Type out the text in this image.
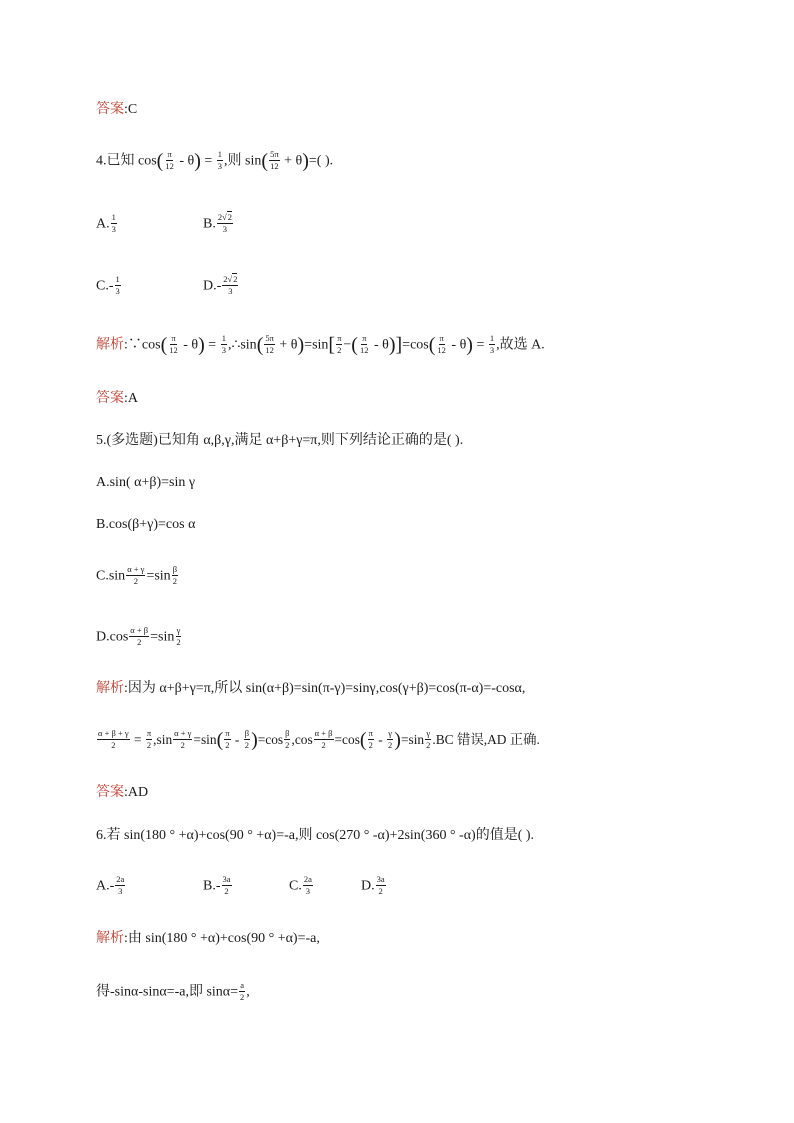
答案:C
4.已知 $\cos( \frac{\pi}{12} - \theta) = \frac{1}{3}$ ,则 $\sin( \frac{5\pi}{12} + \theta)=$( ).
A. $\frac{1}{3}$	B. $\frac{2√2}{3}$
$C.- \frac{1}{3}$	$D.- \frac{2√2}{3}$
解析:∵cos( $\frac{\pi}{12} - \theta) = \frac{1}{3}$ ,∴sin( $\frac{5\pi}{12} + \theta)=\sin[ \frac{\pi}{2}$ −( $\frac{\pi}{12} - \theta)]=\cos( \frac{\pi}{12} - \theta) = \frac{1}{3}$ ,故选 A.
答案:A
5.(多选题)已知角 α,β,γ,满足 α+β+γ=π,则下列结论正确的是( ).
A.sin( α+β)=sin γ
B.cos(β+γ)=cos α
$C.\sin \frac{\alpha + \gamma}{2} =\sin \frac{\beta}{2}$
$D.\cos \frac{\alpha + \beta}{2} =\sin \frac{\gamma}{2}$
解析:因为 α+β+γ=π,所以 sin(α+β)=sin(π-γ)=sinγ,cos(γ+β)=cos(π-α)=-cosα,
$\frac{\alpha + \beta + \gamma}{2} = \frac{\pi}{2} ,\sin \frac{\alpha + \gamma}{2} =\sin( \frac{\pi}{2} - \frac{\beta}{2} )=\cos \frac{\beta}{2} ,\cos \frac{\alpha + \beta}{2} =\cos( \frac{\pi}{2} - \frac{\gamma}{2} )=\sin \frac{\gamma}{2} .BC$ 错误,AD 正确.
答案:AD
6.若 sin(180 ° +α)+cos(90 ° +α)=-a,则 cos(270 ° -α)+2sin(360 ° -α)的值是( ).
$A.- \frac{2a}{3}$	$B.- \frac{3a}{2}$	C. $\frac{2a}{3}$	D. $\frac{3a}{2}$
解析:由 sin(180 ° +α)+cos(90 ° +α)=-a,
得-sinα-sinα=-a,即 $\sin\alpha= \frac{a}{2}$ ,
